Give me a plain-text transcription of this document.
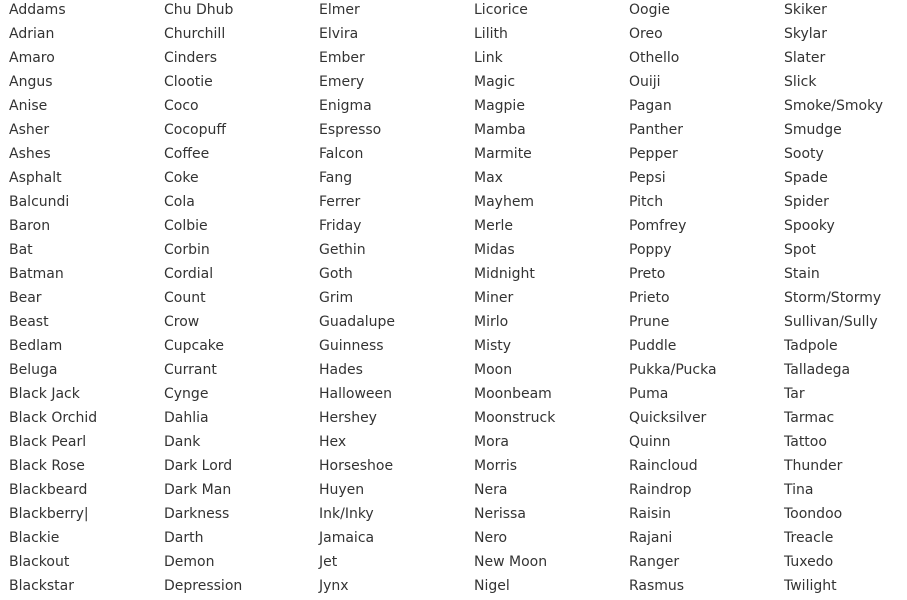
Addams
Adrian
Amaro
Angus
Anise
Asher
Ashes
Asphalt
Balcundi
Baron
Bat
Batman
Bear
Beast
Bedlam
Beluga
Black Jack
Black Orchid
Black Pearl
Black Rose
Blackbeard
Blackberry|
Blackie
Blackout
Blackstar
Chu Dhub
Churchill
Cinders
Clootie
Coco
Cocopuff
Coffee
Coke
Cola
Colbie
Corbin
Cordial
Count
Crow
Cupcake
Currant
Cynge
Dahlia
Dank
Dark Lord
Dark Man
Darkness
Darth
Demon
Depression
Elmer
Elvira
Ember
Emery
Enigma
Espresso
Falcon
Fang
Ferrer
Friday
Gethin
Goth
Grim
Guadalupe
Guinness
Hades
Halloween
Hershey
Hex
Horseshoe
Huyen
Ink/Inky
Jamaica
Jet
Jynx
Licorice
Lilith
Link
Magic
Magpie
Mamba
Marmite
Max
Mayhem
Merle
Midas
Midnight
Miner
Mirlo
Misty
Moon
Moonbeam
Moonstruck
Mora
Morris
Nera
Nerissa
Nero
New Moon
Nigel
Oogie
Oreo
Othello
Ouiji
Pagan
Panther
Pepper
Pepsi
Pitch
Pomfrey
Poppy
Preto
Prieto
Prune
Puddle
Pukka/Pucka
Puma
Quicksilver
Quinn
Raincloud
Raindrop
Raisin
Rajani
Ranger
Rasmus
Skiker
Skylar
Slater
Slick
Smoke/Smoky
Smudge
Sooty
Spade
Spider
Spooky
Spot
Stain
Storm/Stormy
Sullivan/Sully
Tadpole
Talladega
Tar
Tarmac
Tattoo
Thunder
Tina
Toondoo
Treacle
Tuxedo
Twilight
